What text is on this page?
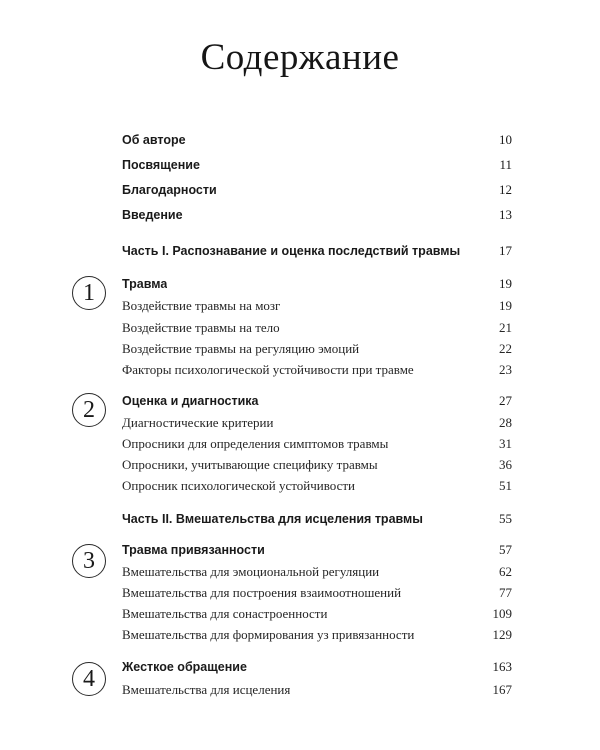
Содержание
Об авторе	10
Посвящение	11
Благодарности	12
Введение	13
Часть I. Распознавание и оценка последствий травмы	17
1	Травма	19
Воздействие травмы на мозг	19
Воздействие травмы на тело	21
Воздействие травмы на регуляцию эмоций	22
Факторы психологической устойчивости при травме	23
2	Оценка и диагностика	27
Диагностические критерии	28
Опросники для определения симптомов травмы	31
Опросники, учитывающие специфику травмы	36
Опросник психологической устойчивости	51
Часть II. Вмешательства для исцеления травмы	55
3	Травма привязанности	57
Вмешательства для эмоциональной регуляции	62
Вмешательства для построения взаимоотношений	77
Вмешательства для сонастроенности	109
Вмешательства для формирования уз привязанности	129
4	Жесткое обращение	163
Вмешательства для исцеления	167
